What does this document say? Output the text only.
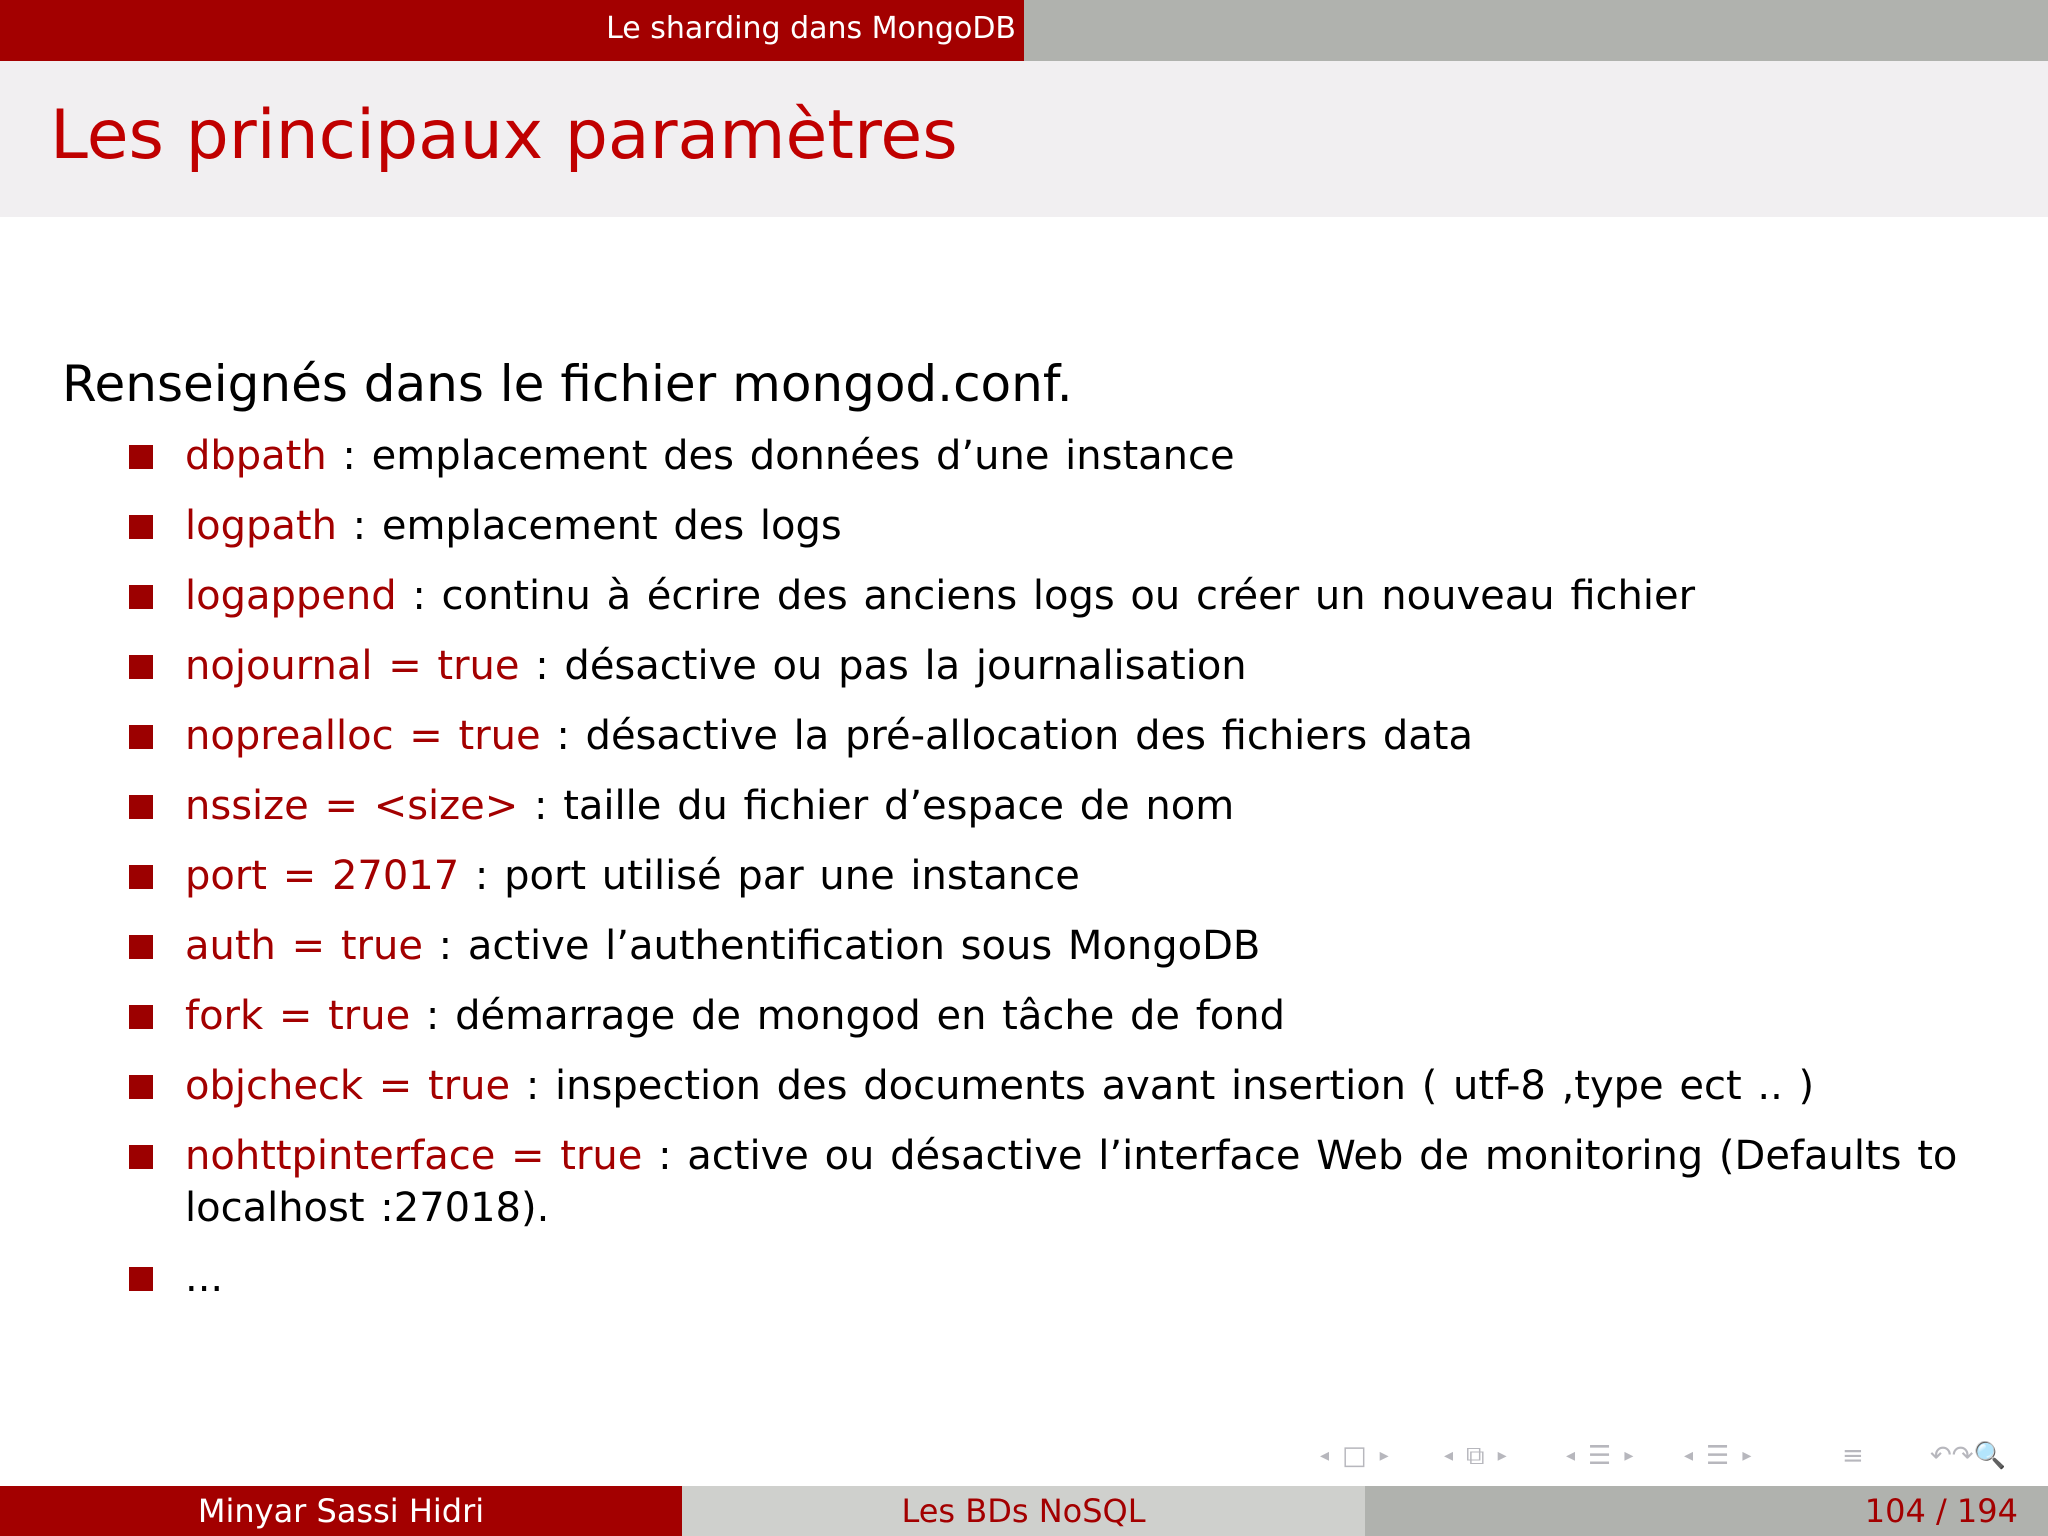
Le sharding dans MongoDB
Les principaux paramètres
Renseignés dans le fichier mongod.conf.
dbpath : emplacement des données d’une instance
logpath : emplacement des logs
logappend : continu à écrire des anciens logs ou créer un nouveau fichier
nojournal = true : désactive ou pas la journalisation
noprealloc = true : désactive la pré-allocation des fichiers data
nssize = <size> : taille du fichier d’espace de nom
port = 27017 : port utilisé par une instance
auth = true : active l’authentification sous MongoDB
fork = true : démarrage de mongod en tâche de fond
objcheck = true : inspection des documents avant insertion ( utf-8 ,type ect .. )
nohttpinterface = true : active ou désactive l’interface Web de monitoring (Defaults to localhost :27018).
...
◂ □ ▸	◂ ⧉ ▸	◂ ☰ ▸	◂ ☰ ▸	≡	↶↷🔍
Minyar Sassi Hidri	Les BDs NoSQL	104 / 194
